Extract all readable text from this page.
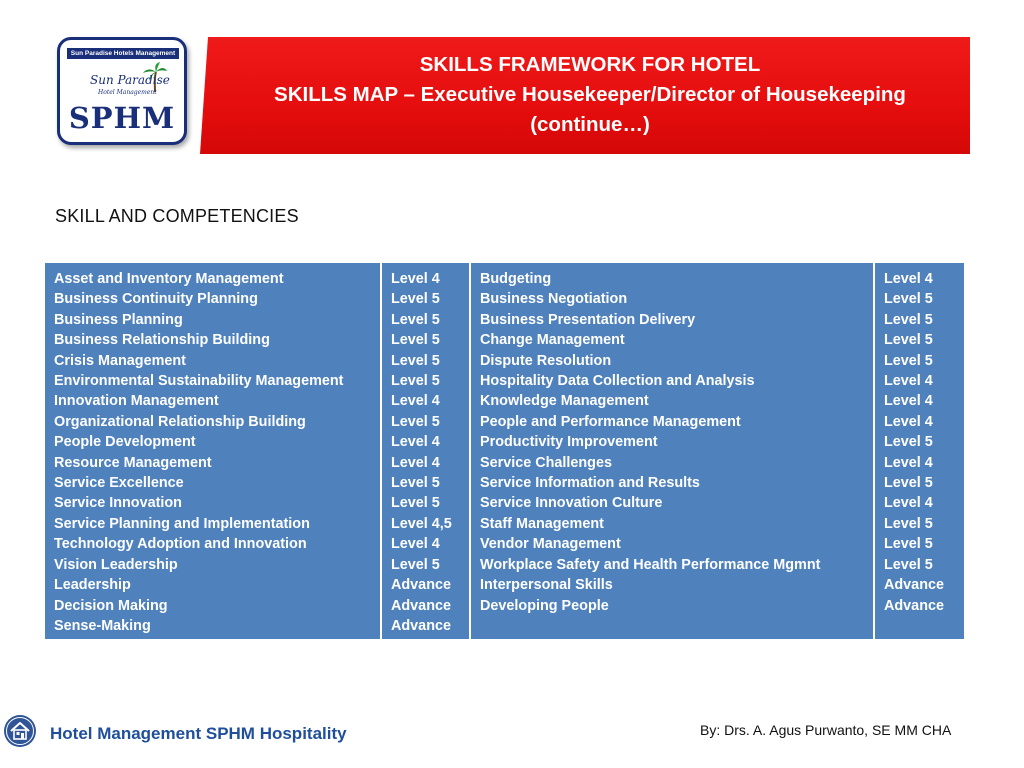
Sun Paradise Hotels Management
Sun Paradise
Hotel Management
SPHM
SKILLS FRAMEWORK FOR HOTEL
SKILLS MAP – Executive Housekeeper/Director of Housekeeping
(continue…)
SKILL AND COMPETENCIES
Asset and Inventory Management
Business Continuity Planning
Business Planning
Business Relationship Building
Crisis Management
Environmental Sustainability Management
Innovation Management
Organizational Relationship Building
People Development
Resource Management
Service Excellence
Service Innovation
Service Planning and Implementation
Technology Adoption and Innovation
Vision Leadership
Leadership
Decision Making
Sense-Making
Level 4
Level 5
Level 5
Level 5
Level 5
Level 5
Level 4
Level 5
Level 4
Level 4
Level 5
Level 5
Level 4,5
Level 4
Level 5
Advance
Advance
Advance
Budgeting
Business Negotiation
Business Presentation Delivery
Change Management
Dispute Resolution
Hospitality Data Collection and Analysis
Knowledge Management
People and Performance Management
Productivity Improvement
Service Challenges
Service Information and Results
Service Innovation Culture
Staff Management
Vendor Management
Workplace Safety and Health Performance Mgmnt
Interpersonal Skills
Developing People
Level 4
Level 5
Level 5
Level 5
Level 5
Level 4
Level 4
Level 4
Level 5
Level 4
Level 5
Level 4
Level 5
Level 5
Level 5
Advance
Advance
Hotel Management SPHM Hospitality	By: Drs. A. Agus Purwanto, SE MM CHA
